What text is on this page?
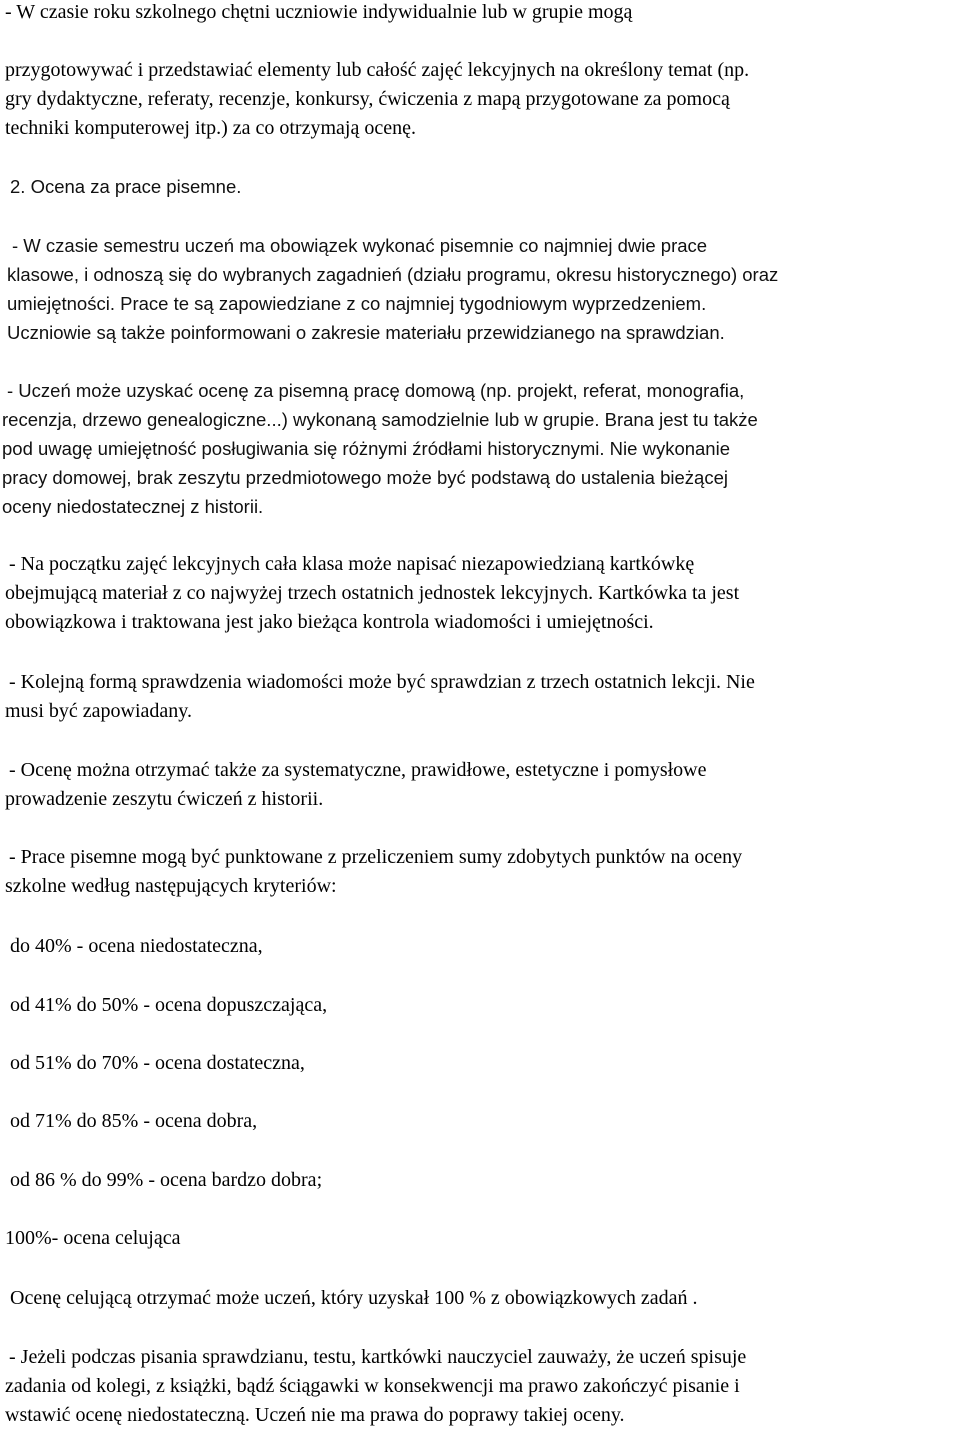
- W czasie roku szkolnego chętni uczniowie indywidualnie lub w grupie mogą
przygotowywać i przedstawiać elementy lub całość zajęć lekcyjnych na określony temat (np.
gry dydaktyczne, referaty, recenzje, konkursy, ćwiczenia z mapą przygotowane za pomocą
techniki komputerowej itp.) za co otrzymają ocenę.
2. Ocena za prace pisemne.
- W czasie semestru uczeń ma obowiązek wykonać pisemnie co najmniej dwie prace
klasowe, i odnoszą się do wybranych zagadnień (działu programu, okresu historycznego) oraz
umiejętności. Prace te są zapowiedziane z co najmniej tygodniowym wyprzedzeniem.
Uczniowie są także poinformowani o zakresie materiału przewidzianego na sprawdzian.
- Uczeń może uzyskać ocenę za pisemną pracę domową (np. projekt, referat, monografia,
recenzja, drzewo genealogiczne...) wykonaną samodzielnie lub w grupie. Brana jest tu także
pod uwagę umiejętność posługiwania się różnymi źródłami historycznymi. Nie wykonanie
pracy domowej, brak zeszytu przedmiotowego może być podstawą do ustalenia bieżącej
oceny niedostatecznej z historii.
- Na początku zajęć lekcyjnych cała klasa może napisać niezapowiedzianą kartkówkę
obejmującą materiał z co najwyżej trzech ostatnich jednostek lekcyjnych. Kartkówka ta jest
obowiązkowa i traktowana jest jako bieżąca kontrola wiadomości i umiejętności.
- Kolejną formą sprawdzenia wiadomości może być sprawdzian z trzech ostatnich lekcji. Nie
musi być zapowiadany.
- Ocenę można otrzymać także za systematyczne, prawidłowe, estetyczne i pomysłowe
prowadzenie zeszytu ćwiczeń z historii.
- Prace pisemne mogą być punktowane z przeliczeniem sumy zdobytych punktów na oceny
szkolne według następujących kryteriów:
do 40% - ocena niedostateczna,
od 41% do 50% - ocena dopuszczająca,
od 51% do 70% - ocena dostateczna,
od 71% do 85% - ocena dobra,
od 86 % do 99% - ocena bardzo dobra;
100%- ocena celująca
Ocenę celującą otrzymać może uczeń, który uzyskał 100 % z obowiązkowych zadań .
- Jeżeli podczas pisania sprawdzianu, testu, kartkówki nauczyciel zauważy, że uczeń spisuje
zadania od kolegi, z książki, bądź ściągawki w konsekwencji ma prawo zakończyć pisanie i
wstawić ocenę niedostateczną. Uczeń nie ma prawa do poprawy takiej oceny.
